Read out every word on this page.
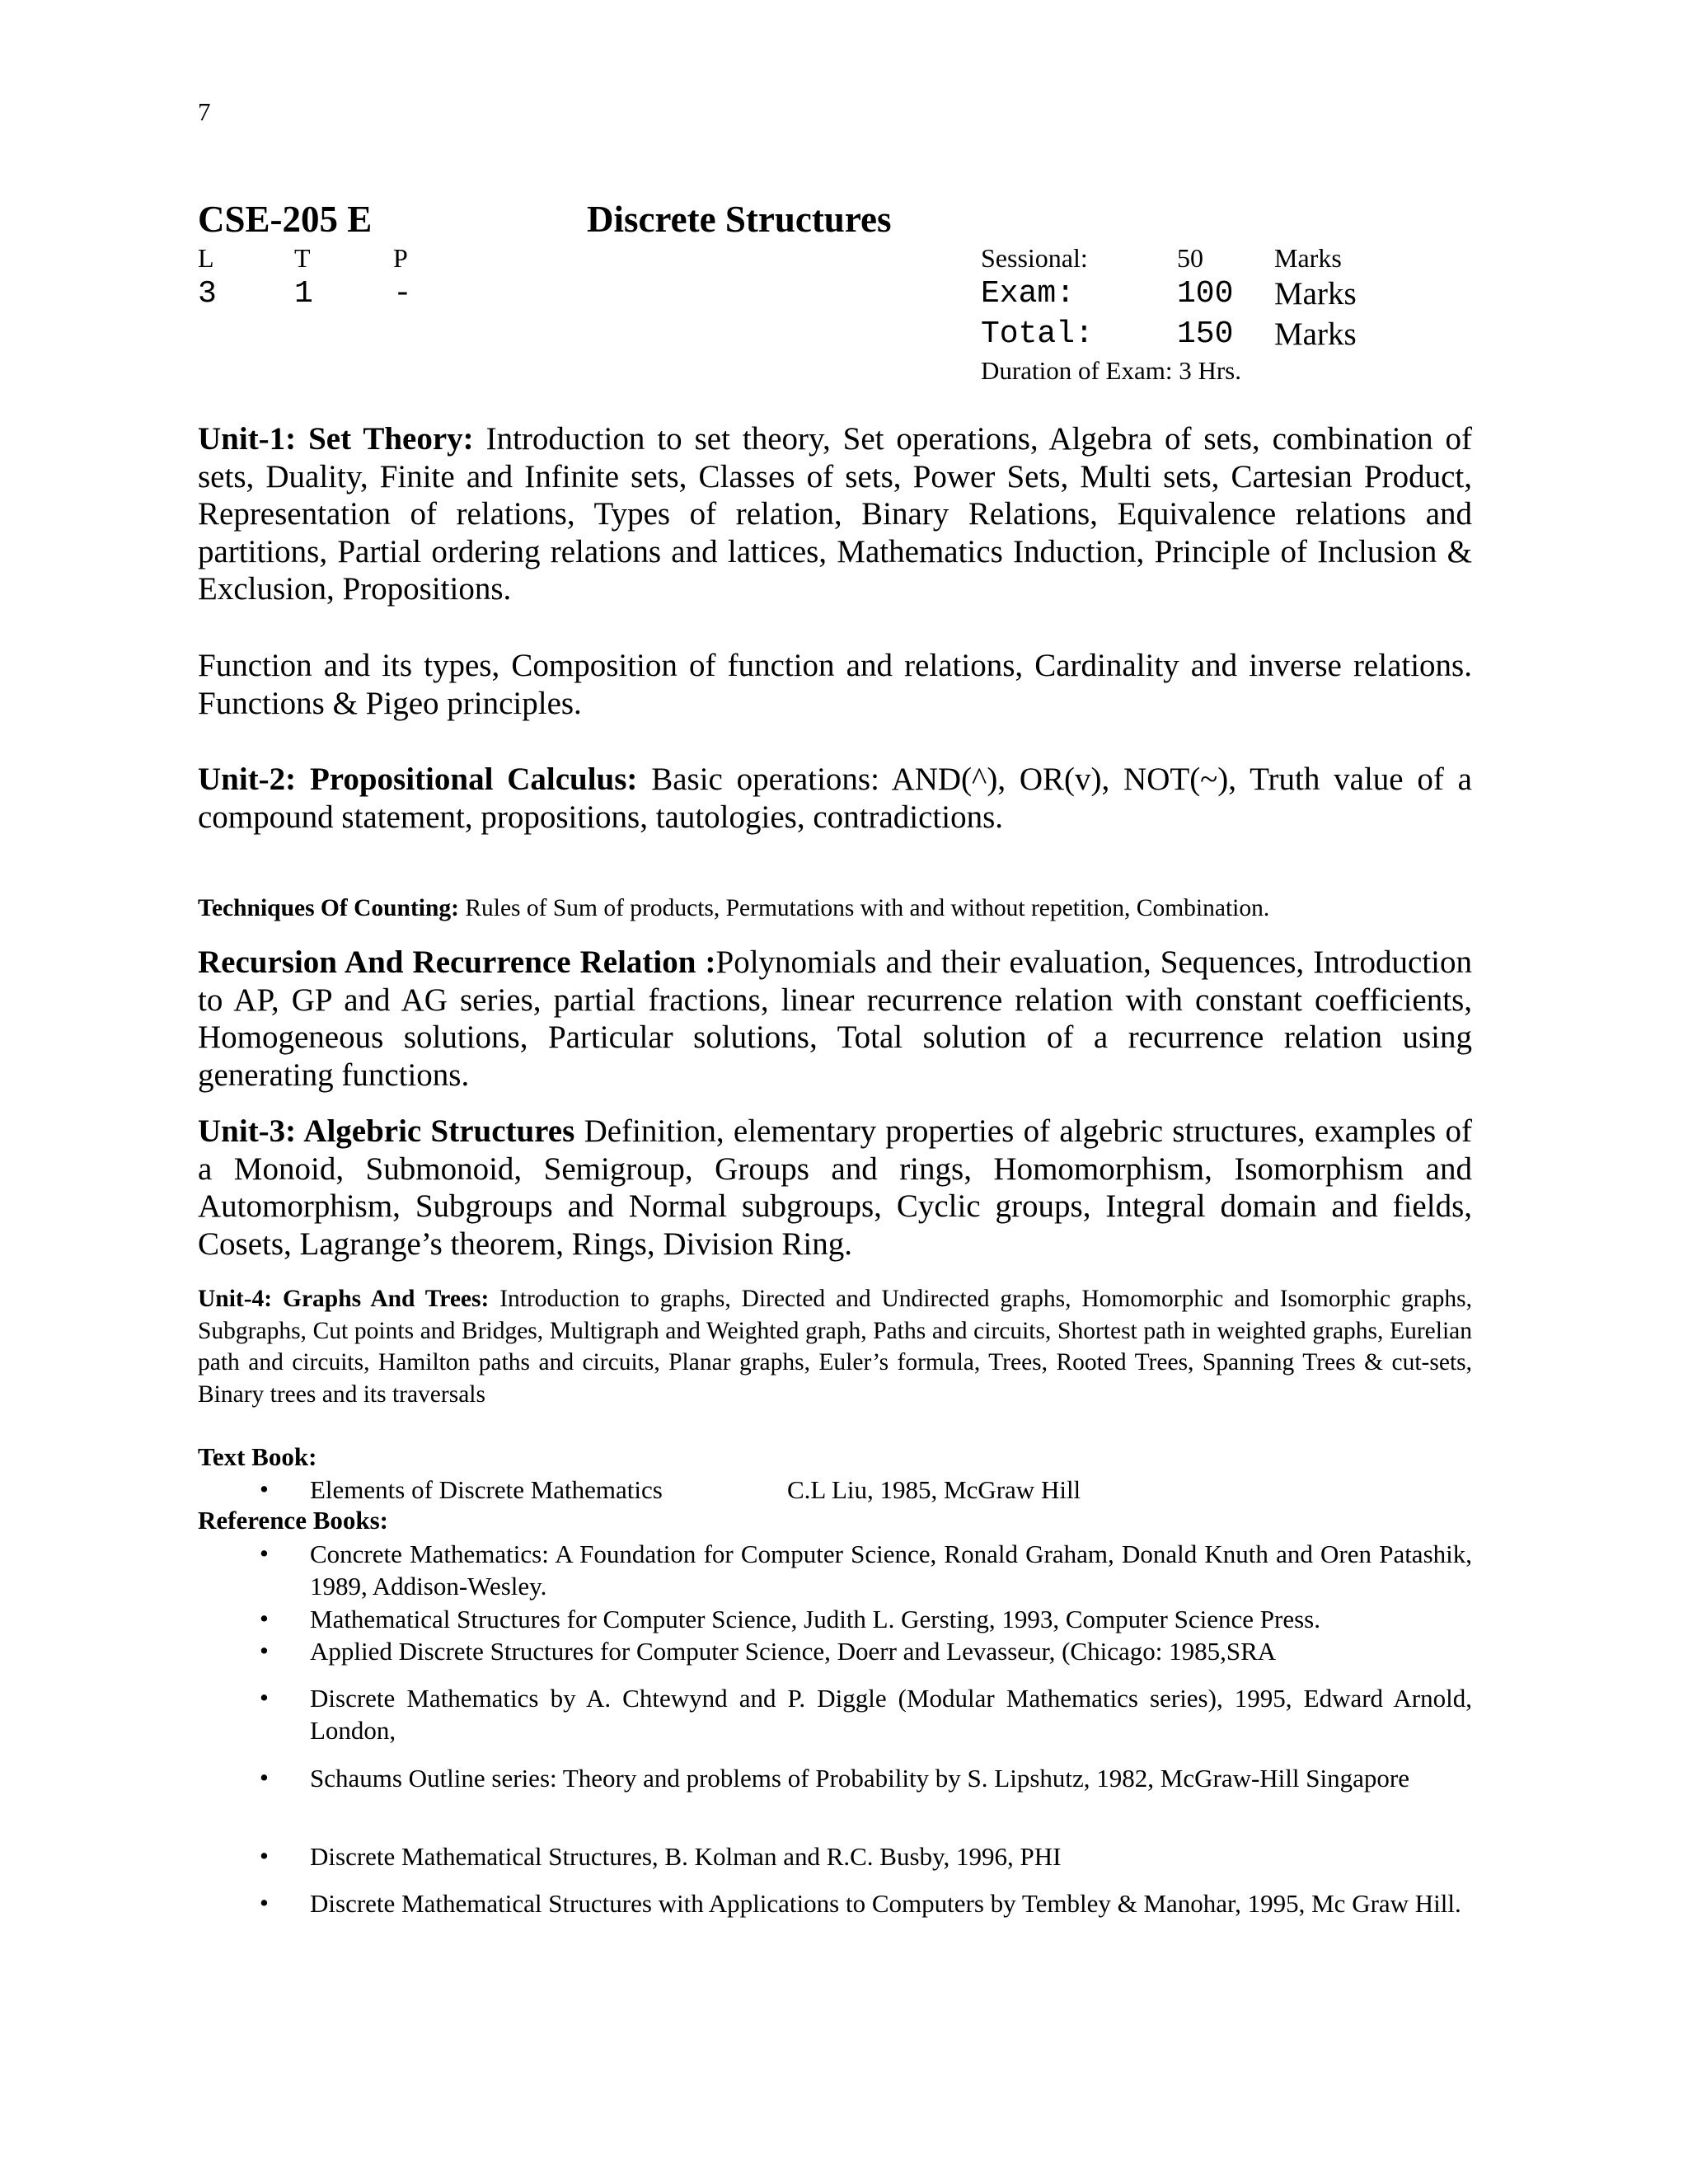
7
CSE-205 E	Discrete Structures
L	T	P
3 1	-
Sessional:	50	Marks
Exam:	100 Marks
Total:	150 Marks
Duration of Exam: 3 Hrs.

Unit-1: Set Theory: Introduction to set theory, Set operations, Algebra of sets, combination of sets, Duality, Finite and Infinite sets, Classes of sets, Power Sets, Multi sets, Cartesian Product, Representation of relations, Types of relation, Binary Relations, Equivalence relations and partitions, Partial ordering relations and lattices, Mathematics Induction, Principle of Inclusion & Exclusion, Propositions.

Function and its types, Composition of function and relations, Cardinality and inverse relations. Functions & Pigeo principles.

Unit-2: Propositional Calculus: Basic operations: AND(^), OR(v), NOT(~), Truth value of a compound statement, propositions, tautologies, contradictions.

Techniques Of Counting: Rules of Sum of products, Permutations with and without repetition, Combination.

Recursion And Recurrence Relation :Polynomials and their evaluation, Sequences, Introduction to AP, GP and AG series, partial fractions, linear recurrence relation with constant coefficients, Homogeneous solutions, Particular solutions, Total solution of a recurrence relation using generating functions.

Unit-3: Algebric Structures Definition, elementary properties of algebric structures, examples of a Monoid, Submonoid, Semigroup, Groups and rings, Homomorphism, Isomorphism and Automorphism, Subgroups and Normal subgroups, Cyclic groups, Integral domain and fields, Cosets, Lagrange’s theorem, Rings, Division Ring.

Unit-4: Graphs And Trees: Introduction to graphs, Directed and Undirected graphs, Homomorphic and Isomorphic graphs, Subgraphs, Cut points and Bridges, Multigraph and Weighted graph, Paths and circuits, Shortest path in weighted graphs, Eurelian path and circuits, Hamilton paths and circuits, Planar graphs, Euler’s formula, Trees, Rooted Trees, Spanning Trees & cut-sets, Binary trees and its traversals

Text Book:
• Elements of Discrete Mathematics	C.L Liu, 1985, McGraw Hill
Reference Books:
• Concrete Mathematics: A Foundation for Computer Science, Ronald Graham, Donald Knuth and Oren Patashik, 1989, Addison-Wesley.

• Mathematical Structures for Computer Science, Judith L. Gersting, 1993, Computer Science Press.

• Applied Discrete Structures for Computer Science, Doerr and Levasseur, (Chicago: 1985,SRA

• Discrete Mathematics by A. Chtewynd and P. Diggle (Modular Mathematics series), 1995, Edward Arnold, London,

• Schaums Outline series: Theory and problems of Probability by S. Lipshutz, 1982, McGraw-Hill Singapore

• Discrete Mathematical Structures, B. Kolman and R.C. Busby, 1996, PHI

• Discrete Mathematical Structures with Applications to Computers by Tembley & Manohar, 1995, Mc Graw Hill.
